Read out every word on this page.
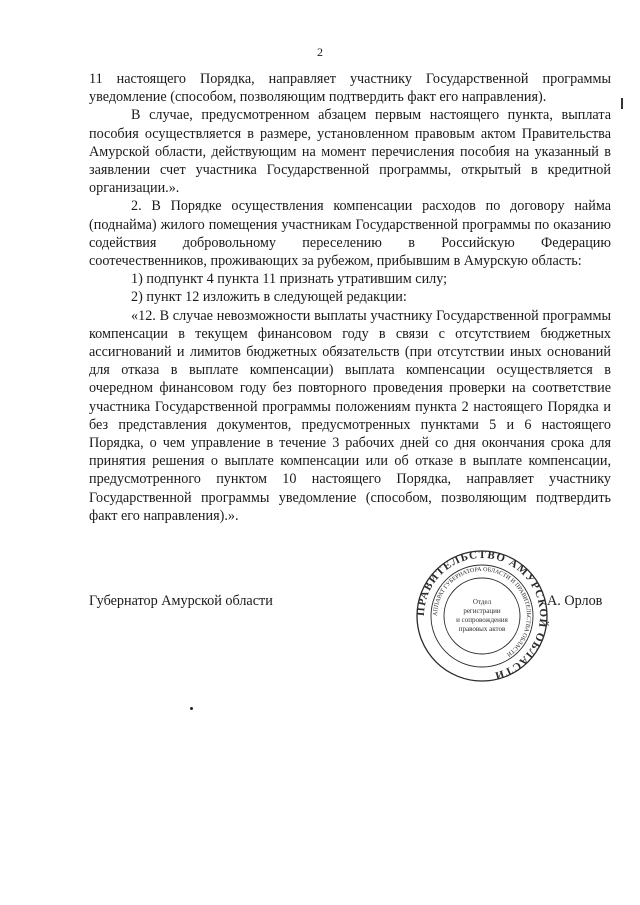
2

11 настоящего Порядка, направляет участнику Государственной программы уведомление (способом, позволяющим подтвердить факт его направления).

В случае, предусмотренном абзацем первым настоящего пункта, выплата пособия осуществляется в размере, установленном правовым актом Правительства Амурской области, действующим на момент перечисления пособия на указанный в заявлении счет участника Государственной программы, открытый в кредитной организации.».

2. В Порядке осуществления компенсации расходов по договору найма (поднайма) жилого помещения участникам Государственной программы по оказанию содействия добровольному переселению в Российскую Федерацию соотечественников, проживающих за рубежом, прибывшим в Амурскую область:

1) подпункт 4 пункта 11 признать утратившим силу;

2) пункт 12 изложить в следующей редакции:

«12. В случае невозможности выплаты участнику Государственной программы компенсации в текущем финансовом году в связи с отсутствием бюджетных ассигнований и лимитов бюджетных обязательств (при отсутствии иных оснований для отказа в выплате компенсации) выплата компенсации осуществляется в очередном финансовом году без повторного проведения проверки на соответствие участника Государственной программы положениям пункта 2 настоящего Порядка и без представления документов, предусмотренных пунктами 5 и 6 настоящего Порядка, о чем управление в течение 3 рабочих дней со дня окончания срока для принятия решения о выплате компенсации или об отказе в выплате компенсации, предусмотренного пунктом 10 настоящего Порядка, направляет участнику Государственной программы уведомление (способом, позволяющим подтвердить факт его направления).».

Губернатор Амурской области
ПРАВИТЕЛЬСТВО АМУРСКОЙ ОБЛАСТИ
АППАРАТ ГУБЕРНАТОРА ОБЛАСТИ И ПРАВИТЕЛЬСТВА ОБЛАСТИ
Отдел
регистрации
и сопровождения
правовых актов
А. Орлов
